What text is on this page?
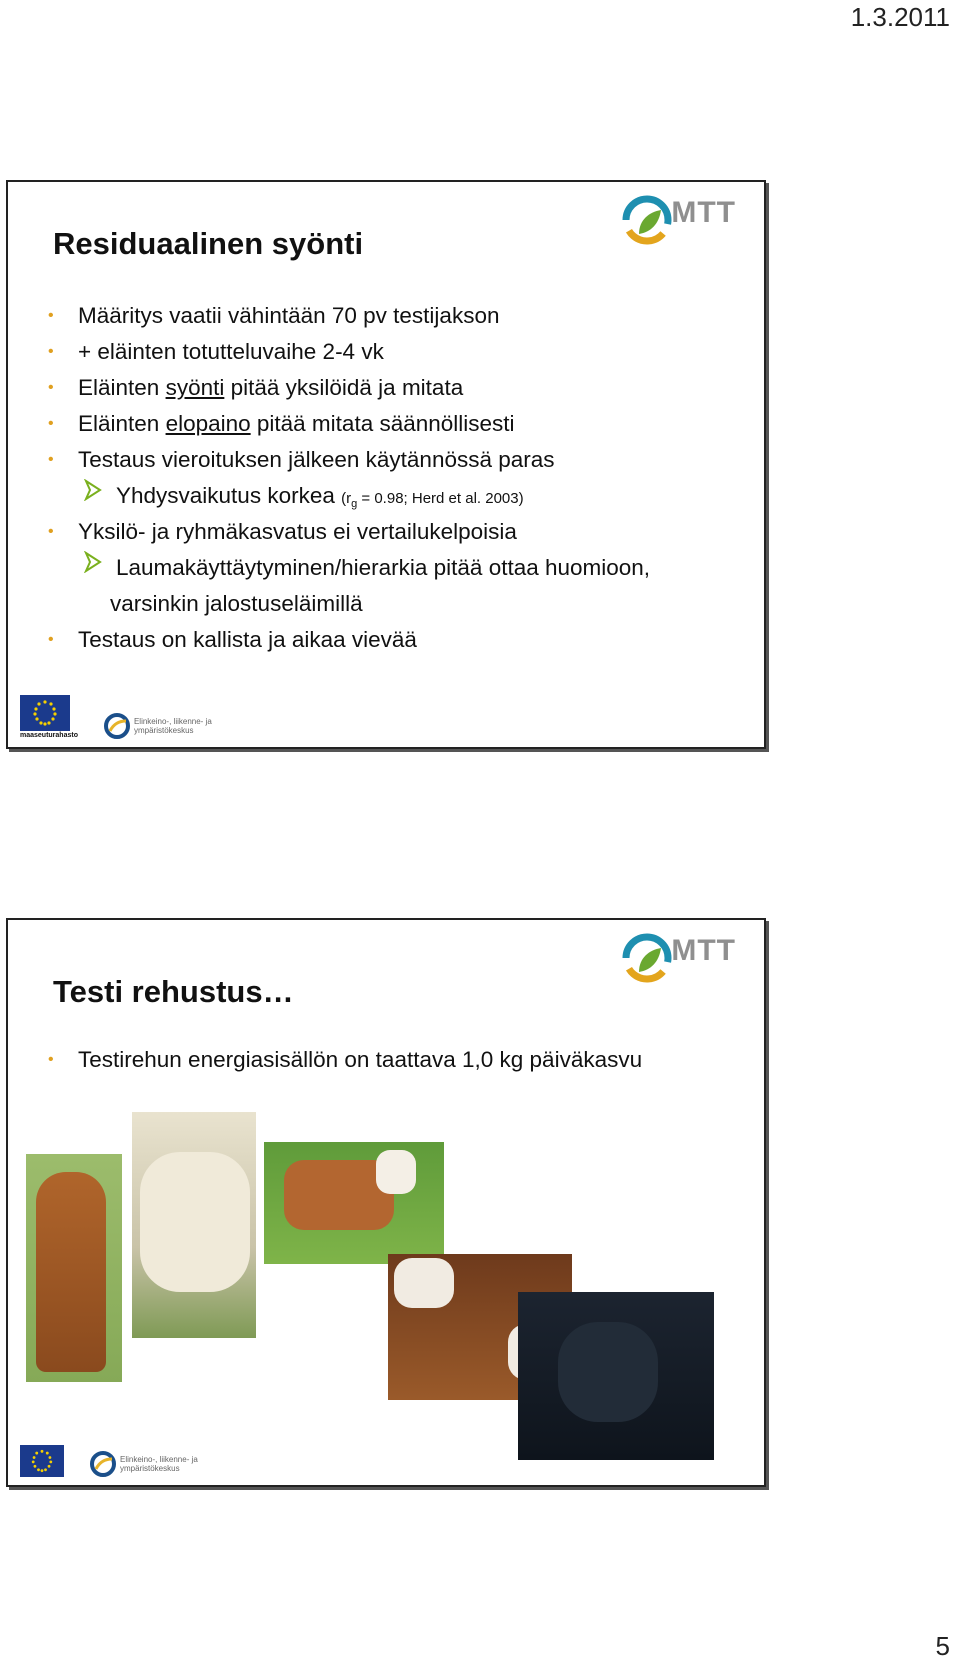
1.3.2011
Residuaalinen syönti
MTT
• Määritys vaatii vähintään 70 pv testijakson
• + eläinten totutteluvaihe 2-4 vk
• Eläinten syönti pitää yksilöidä ja mitata
• Eläinten elopaino pitää mitata säännöllisesti
• Testaus vieroituksen jälkeen käytännössä paras
Yhdysvaikutus korkea (rg = 0.98; Herd et al. 2003)
• Yksilö- ja ryhmäkasvatus ei vertailukelpoisia
Laumakäyttäytyminen/hierarkia pitää ottaa huomioon,
varsinkin jalostuseläimillä
• Testaus on kallista ja aikaa vievää
maaseuturahasto
Elinkeino-, liikenne- ja
ympäristökeskus
Testi rehustus…
MTT
• Testirehun energiasisällön on taattava 1,0 kg päiväkasvu
Elinkeino-, liikenne- ja
ympäristökeskus
5
